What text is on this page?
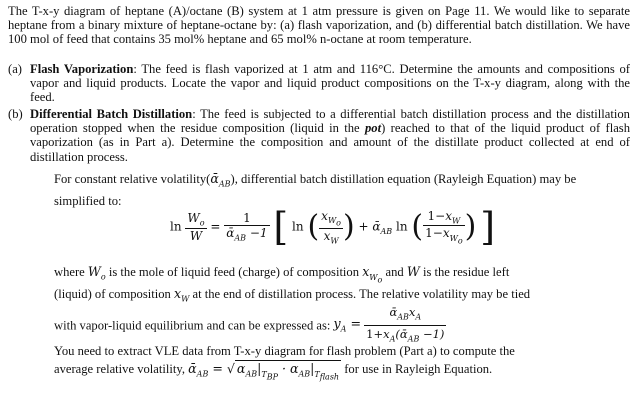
The T-x-y diagram of heptane (A)/octane (B) system at 1 atm pressure is given on Page 11. We would like to separate heptane from a binary mixture of heptane-octane by: (a) flash vaporization, and (b) differential batch distillation. We have 100 mol of feed that contains 35 mol% heptane and 65 mol% n-octane at room temperature.
(a) Flash Vaporization: The feed is flash vaporized at 1 atm and 116°C. Determine the amounts and compositions of vapor and liquid products. Locate the vapor and liquid product compositions on the T-x-y diagram, along with the feed.
(b) Differential Batch Distillation: The feed is subjected to a differential batch distillation process and the distillation operation stopped when the residue composition (liquid in the pot) reached to that of the liquid product of flash vaporization (as in Part a). Determine the composition and amount of the distillate product collected at end of distillation process.
For constant relative volatility(ᾱ$_{AB}$), differential batch distillation equation (Rayleigh Equation) may be simplified to:
$\ln \frac{W_o}{W} = \frac{1}{ᾱ_{AB} -1}$ [ ln ( $\frac{x_{W_o}}{x_W}$ ) + ᾱ$_{AB}$ ln ( $\frac{1-x_W}{1-x_{W_o}}$ ) ]
where $W_o$ is the mole of liquid feed (charge) of composition $x_{W_o}$ and W is the residue left
(liquid) of composition $x_W$ at the end of distillation process. The relative volatility may be tied
with vapor-liquid equilibrium and can be expressed as: $y_A = \frac{ᾱ_{AB}x_A}{1+x_A(ᾱ_{AB} -1)}$
You need to extract VLE data from T-x-y diagram for flash problem (Part a) to compute the
average relative volatility, ᾱ$_{AB}$ = √ $\alpha_{AB}|_{T_{BP}} \cdot \alpha_{AB}|_{T_{flash}}$ for use in Rayleigh Equation.
